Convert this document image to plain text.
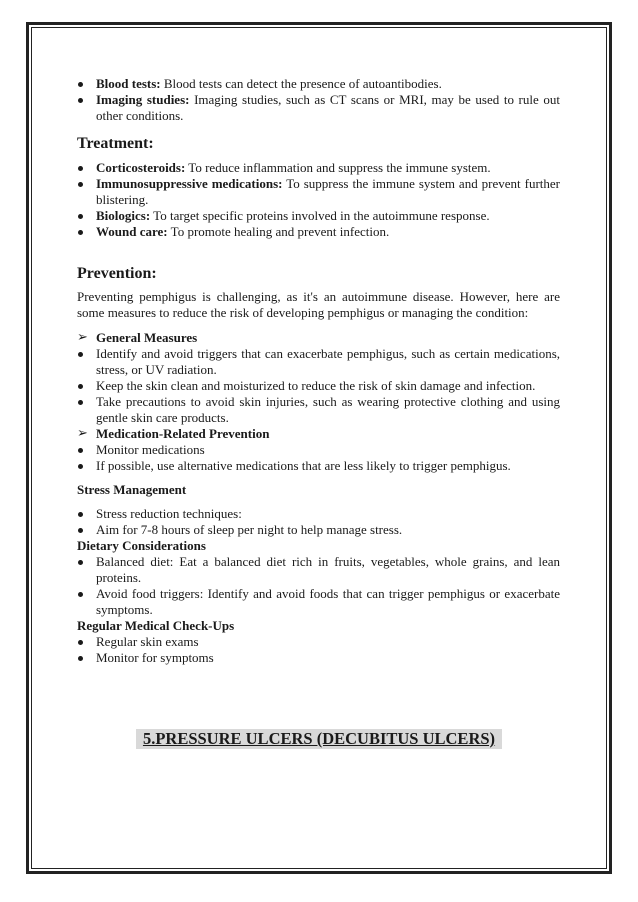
Blood tests: Blood tests can detect the presence of autoantibodies.
Imaging studies: Imaging studies, such as CT scans or MRI, may be used to rule out other conditions.
Treatment:
Corticosteroids: To reduce inflammation and suppress the immune system.
Immunosuppressive medications: To suppress the immune system and prevent further blistering.
Biologics: To target specific proteins involved in the autoimmune response.
Wound care: To promote healing and prevent infection.
Prevention:

Preventing pemphigus is challenging, as it's an autoimmune disease. However, here are some measures to reduce the risk of developing pemphigus or managing the condition:

➢ General Measures
Identify and avoid triggers that can exacerbate pemphigus, such as certain medications, stress, or UV radiation.
Keep the skin clean and moisturized to reduce the risk of skin damage and infection.
Take precautions to avoid skin injuries, such as wearing protective clothing and using gentle skin care products.
➢ Medication-Related Prevention
Monitor medications
If possible, use alternative medications that are less likely to trigger pemphigus.
Stress Management
Stress reduction techniques:
Aim for 7-8 hours of sleep per night to help manage stress.
Dietary Considerations
Balanced diet: Eat a balanced diet rich in fruits, vegetables, whole grains, and lean proteins.
Avoid food triggers: Identify and avoid foods that can trigger pemphigus or exacerbate symptoms.
Regular Medical Check-Ups
Regular skin exams
Monitor for symptoms
5.PRESSURE ULCERS (DECUBITUS ULCERS)
